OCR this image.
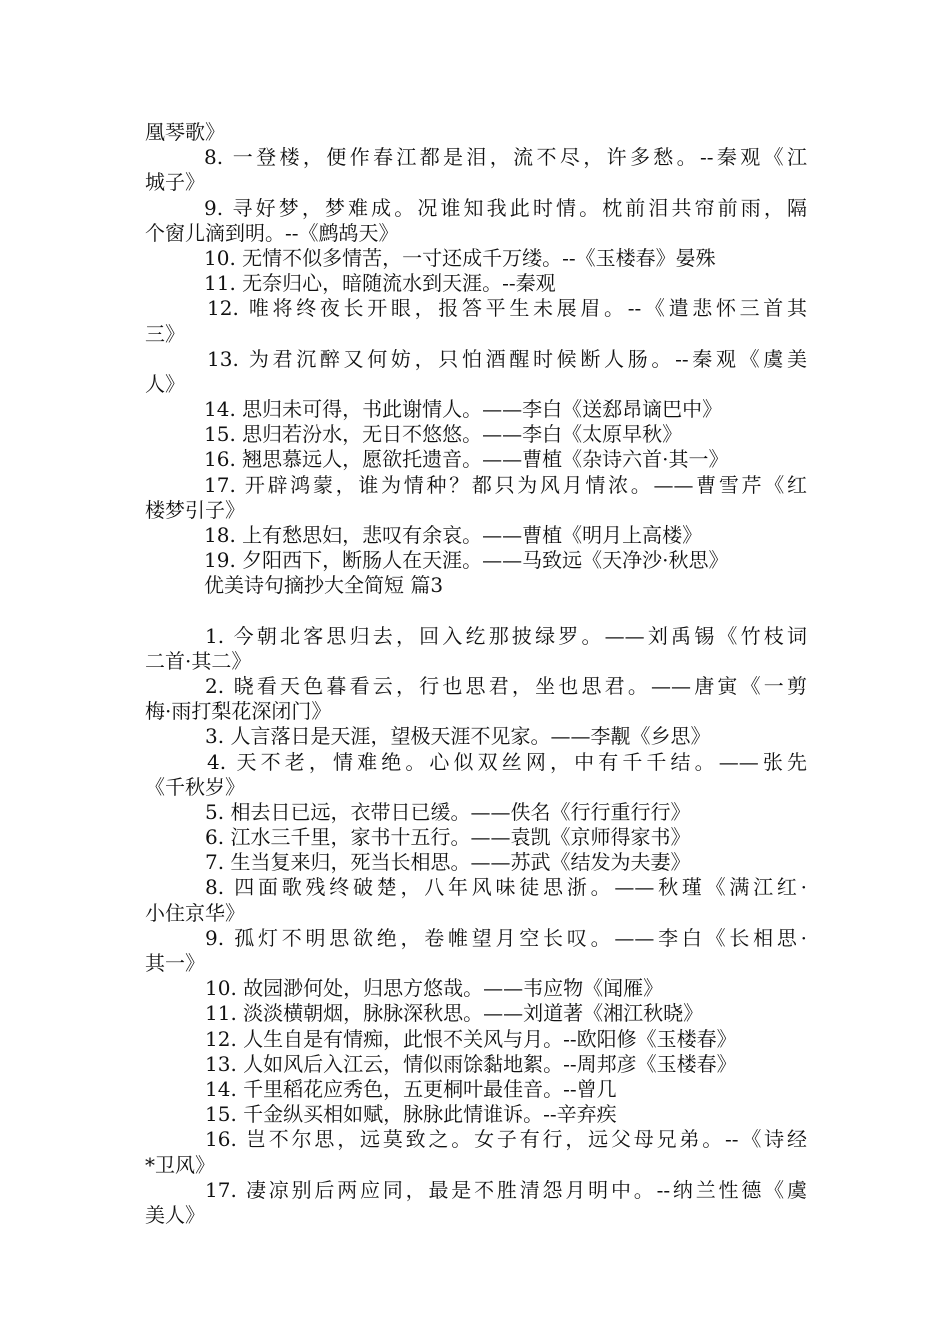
凰琴歌》
8. 一登楼，便作春江都是泪，流不尽，许多愁。--秦观《江
城子》
9. 寻好梦，梦难成。况谁知我此时情。枕前泪共帘前雨，隔
个窗儿滴到明。--《鹧鸪天》
10. 无情不似多情苦，一寸还成千万缕。--《玉楼春》晏殊
11. 无奈归心，暗随流水到天涯。--秦观
12. 唯将终夜长开眼，报答平生未展眉。--《遣悲怀三首其
三》
13. 为君沉醉又何妨，只怕酒醒时候断人肠。--秦观《虞美
人》
14. 思归未可得，书此谢情人。——李白《送郄昂谪巴中》
15. 思归若汾水，无日不悠悠。——李白《太原早秋》
16. 翘思慕远人，愿欲托遗音。——曹植《杂诗六首·其一》
17. 开辟鸿蒙，谁为情种？都只为风月情浓。——曹雪芹《红
楼梦引子》
18. 上有愁思妇，悲叹有余哀。——曹植《明月上高楼》
19. 夕阳西下，断肠人在天涯。——马致远《天净沙·秋思》
优美诗句摘抄大全简短 篇3
1. 今朝北客思归去，回入纥那披绿罗。——刘禹锡《竹枝词
二首·其二》
2. 晓看天色暮看云，行也思君，坐也思君。——唐寅《一剪
梅·雨打梨花深闭门》
3. 人言落日是天涯，望极天涯不见家。——李觏《乡思》
4. 天不老，情难绝。心似双丝网，中有千千结。——张先
《千秋岁》
5. 相去日已远，衣带日已缓。——佚名《行行重行行》
6. 江水三千里，家书十五行。——袁凯《京师得家书》
7. 生当复来归，死当长相思。——苏武《结发为夫妻》
8. 四面歌残终破楚，八年风味徒思浙。——秋瑾《满江红·
小住京华》
9. 孤灯不明思欲绝，卷帷望月空长叹。——李白《长相思·
其一》
10. 故园渺何处，归思方悠哉。——韦应物《闻雁》
11. 淡淡横朝烟，脉脉深秋思。——刘道著《湘江秋晓》
12. 人生自是有情痴，此恨不关风与月。--欧阳修《玉楼春》
13. 人如风后入江云，情似雨馀黏地絮。--周邦彦《玉楼春》
14. 千里稻花应秀色，五更桐叶最佳音。--曾几
15. 千金纵买相如赋，脉脉此情谁诉。--辛弃疾
16. 岂不尔思，远莫致之。女子有行，远父母兄弟。--《诗经
*卫风》
17. 凄凉别后两应同，最是不胜清怨月明中。--纳兰性德《虞
美人》
